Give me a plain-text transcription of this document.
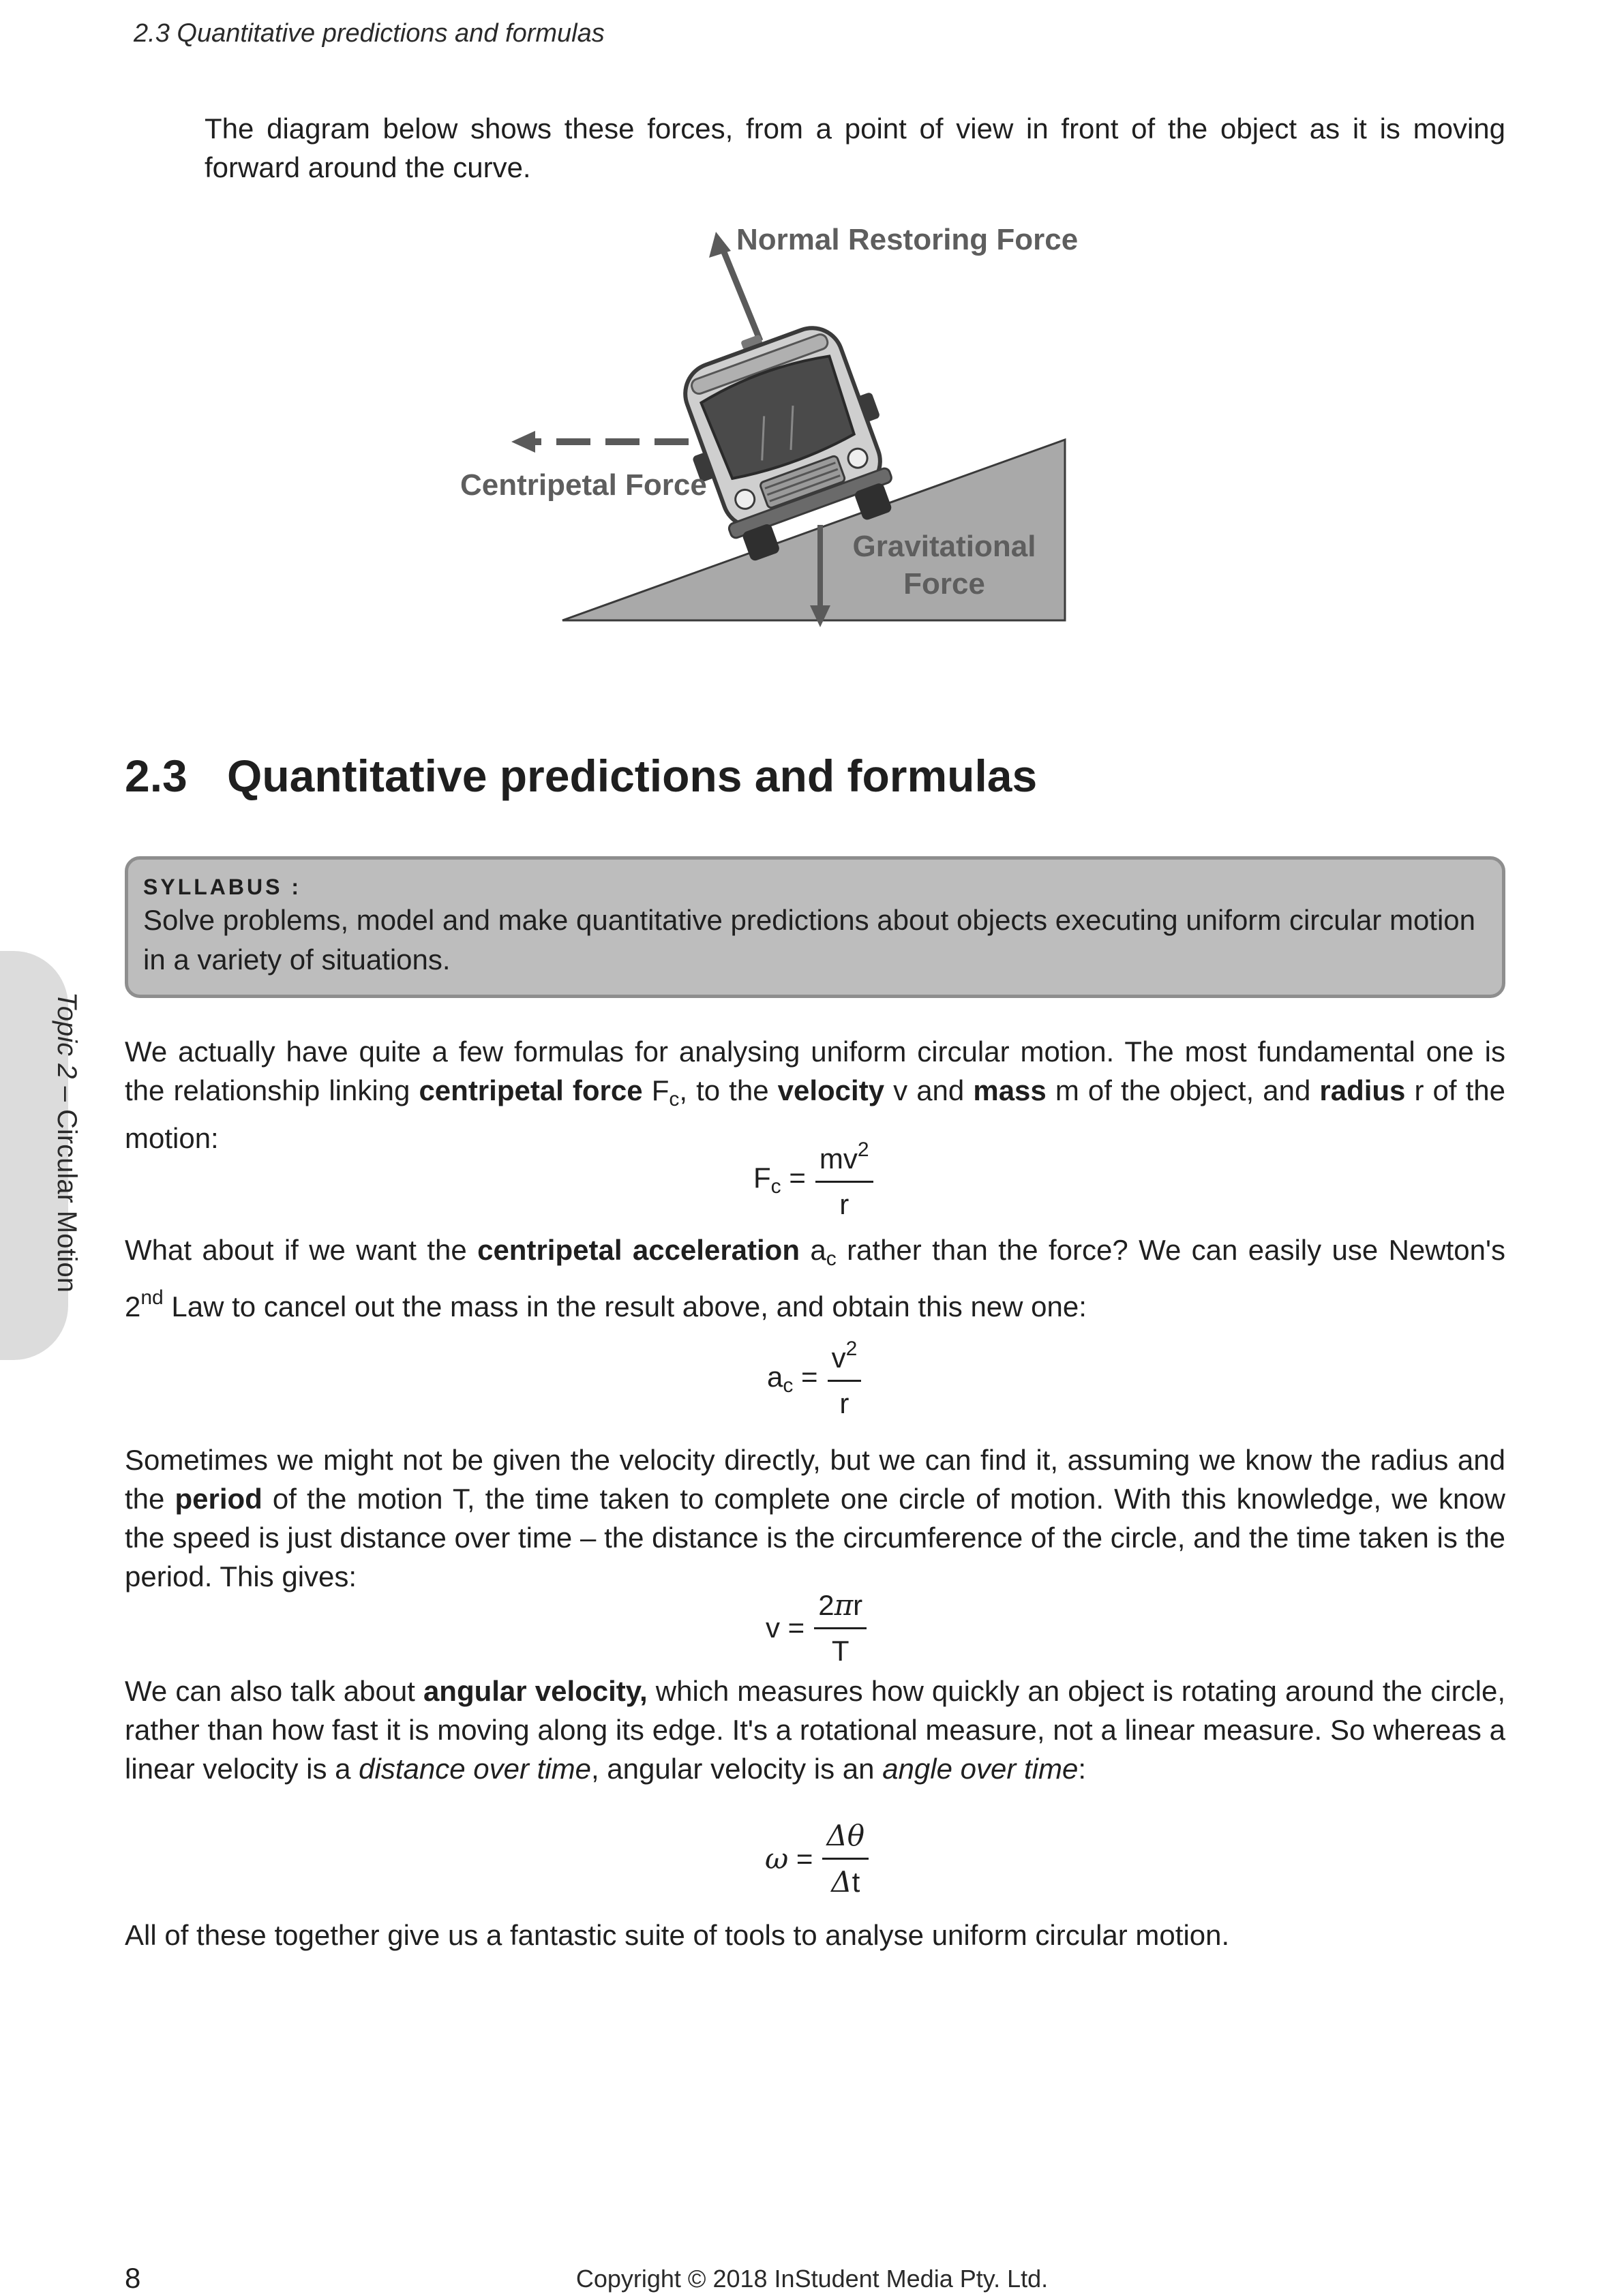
2.3 Quantitative predictions and formulas

The diagram below shows these forces, from a point of view in front of the object as it is moving forward around the curve.

Normal Restoring Force
Centripetal Force
Gravitational
Force
2.3 Quantitative predictions and formulas
SYLLABUS :
Solve problems, model and make quantitative predictions about objects executing uniform circular motion in a variety of situations.
Topic 2 – Circular Motion

We actually have quite a few formulas for analysing uniform circular motion. The most fundamental one is the relationship linking centripetal force $F_c$, to the velocity v and mass m of the object, and radius r of the motion:

$F_c = \frac{mv^2}{r}$

What about if we want the centripetal acceleration $a_c$ rather than the force? We can easily use Newton's 2nd Law to cancel out the mass in the result above, and obtain this new one:

$a_c = \frac{v^2}{r}$

Sometimes we might not be given the velocity directly, but we can find it, assuming we know the radius and the period of the motion T, the time taken to complete one circle of motion. With this knowledge, we know the speed is just distance over time – the distance is the circumference of the circle, and the time taken is the period. This gives:

$v = \frac{2\pi r}{T}$

We can also talk about angular velocity, which measures how quickly an object is rotating around the circle, rather than how fast it is moving along its edge. It's a rotational measure, not a linear measure. So whereas a linear velocity is a distance over time, angular velocity is an angle over time:

$\omega = \frac{\Delta\theta}{\Delta t}$

All of these together give us a fantastic suite of tools to analyse uniform circular motion.

8	Copyright © 2018 InStudent Media Pty. Ltd.
